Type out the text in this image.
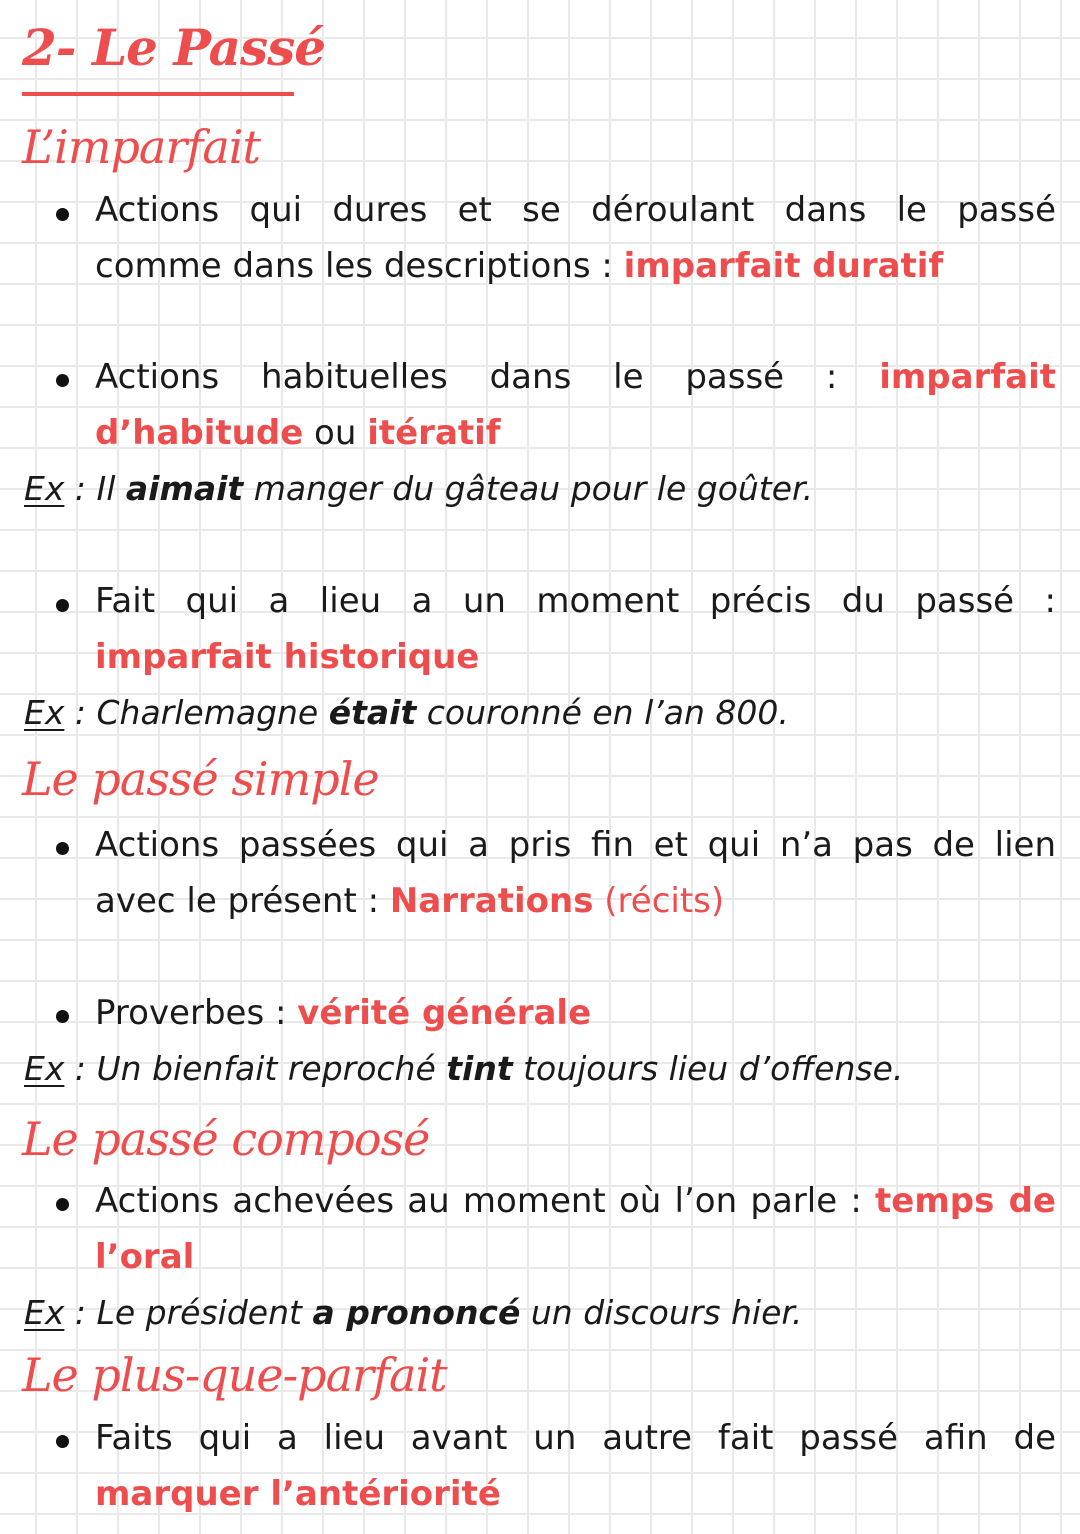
2- Le Passé
L’imparfait
Actions qui dures et se déroulant dans le passé
comme dans les descriptions : imparfait duratif
Actions habituelles dans le passé : imparfait
d’habitude ou itératif
Ex : Il aimait manger du gâteau pour le goûter.
Fait qui a lieu a un moment précis du passé :
imparfait historique
Ex : Charlemagne était couronné en l’an 800.
Le passé simple
Actions passées qui a pris fin et qui n’a pas de lien
avec le présent : Narrations (récits)
Proverbes : vérité générale
Ex : Un bienfait reproché tint toujours lieu d’offense.
Le passé composé
Actions achevées au moment où l’on parle : temps de
l’oral
Ex : Le président a prononcé un discours hier.
Le plus-que-parfait
Faits qui a lieu avant un autre fait passé afin de
marquer l’antériorité
